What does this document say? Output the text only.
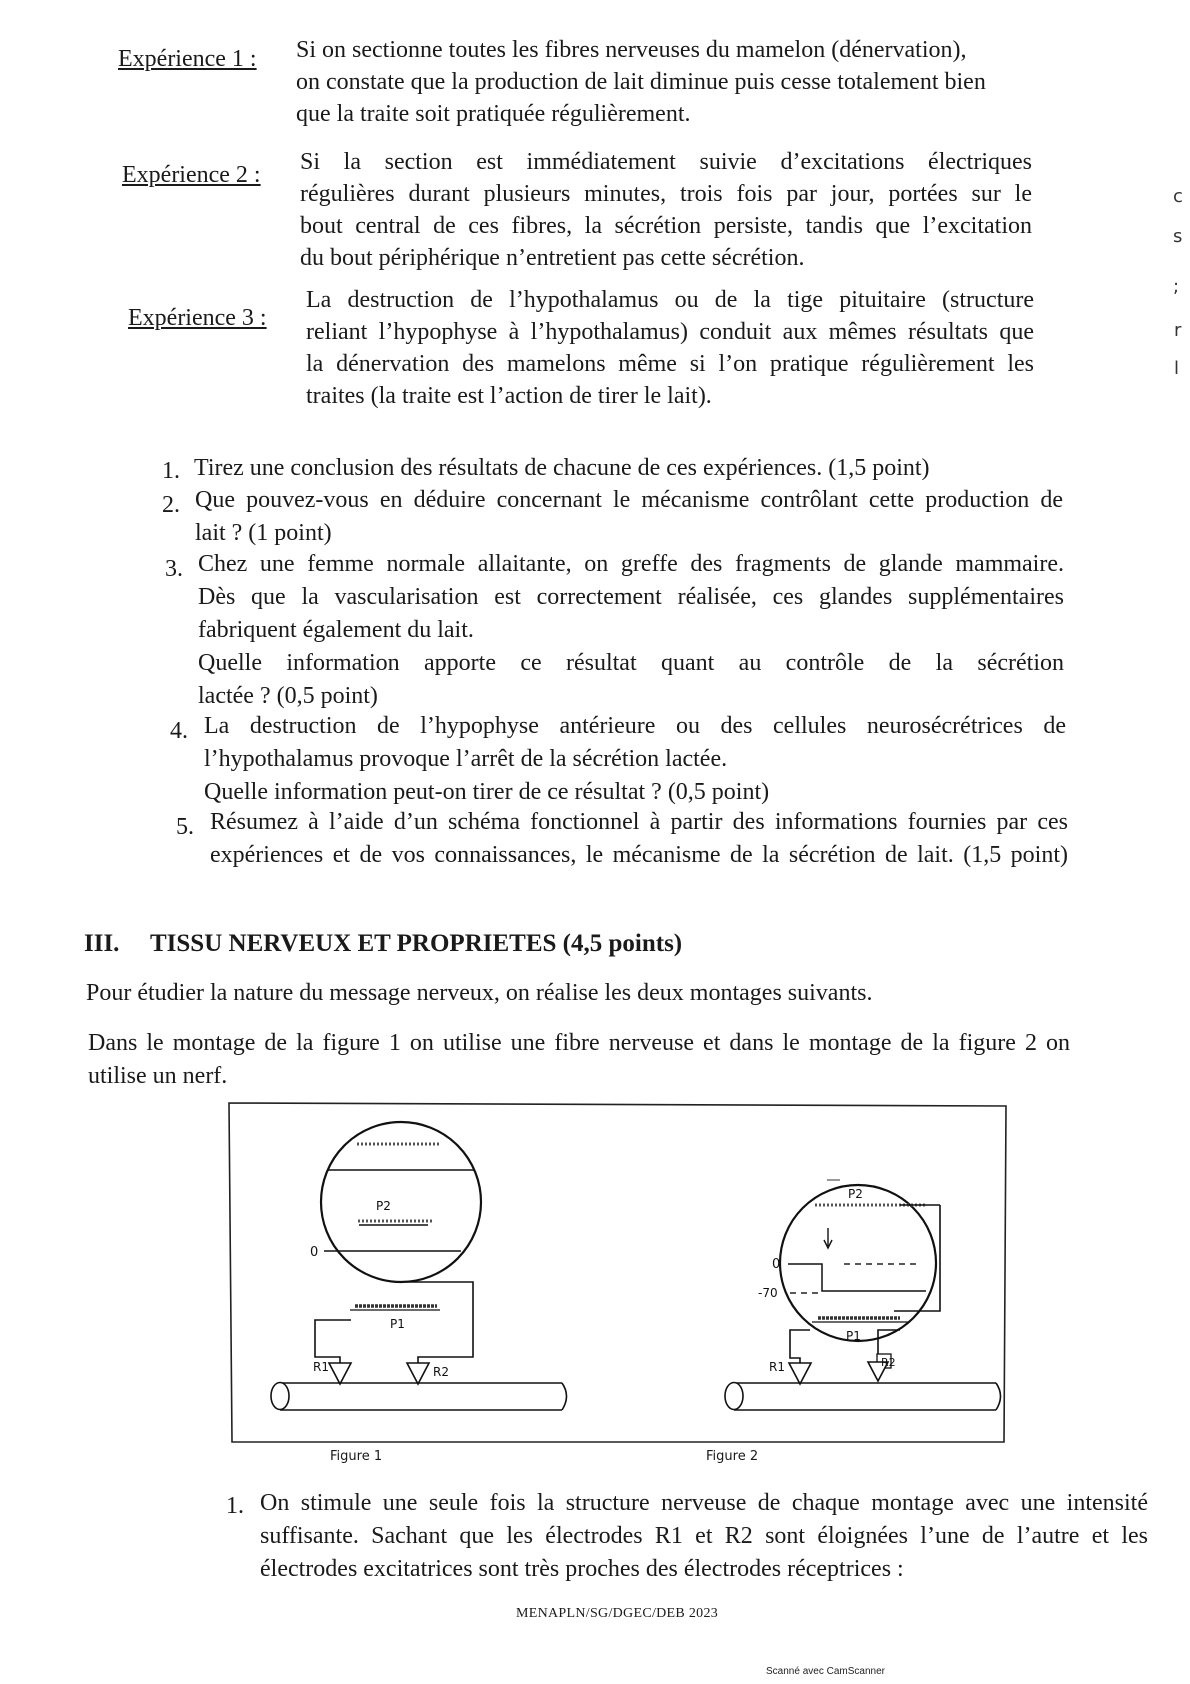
Expérience 1 : Si on sectionne toutes les fibres nerveuses du mamelon (dénervation),
on constate que la production de lait diminue puis cesse totalement bien
que la traite soit pratiquée régulièrement.
Expérience 2 : Si la section est immédiatement suivie d’excitations électriques
régulières durant plusieurs minutes, trois fois par jour, portées sur le
bout central de ces fibres, la sécrétion persiste, tandis que l’excitation
du bout périphérique n’entretient pas cette sécrétion.
Expérience 3 :
La destruction de l’hypothalamus ou de la tige pituitaire (structure
reliant l’hypophyse à l’hypothalamus) conduit aux mêmes résultats que
la dénervation des mamelons même si l’on pratique régulièrement les
traites (la traite est l’action de tirer le lait).
1. Tirez une conclusion des résultats de chacune de ces expériences. (1,5 point)

2. Que pouvez-vous en déduire concernant le mécanisme contrôlant cette production de

lait ? (1 point)

3. Chez une femme normale allaitante, on greffe des fragments de glande mammaire.

Dès que la vascularisation est correctement réalisée, ces glandes supplémentaires

fabriquent également du lait.

Quelle information apporte ce résultat quant au contrôle de la sécrétion

lactée ? (0,5 point)

4. La destruction de l’hypophyse antérieure ou des cellules neurosécrétrices de

l’hypothalamus provoque l’arrêt de la sécrétion lactée.

Quelle information peut-on tirer de ce résultat ? (0,5 point)

5. Résumez à l’aide d’un schéma fonctionnel à partir des informations fournies par ces

expériences et de vos connaissances, le mécanisme de la sécrétion de lait. (1,5 point)

III. TISSU NERVEUX ET PROPRIETES (4,5 points)
Pour étudier la nature du message nerveux, on réalise les deux montages suivants.
Dans le montage de la figure 1 on utilise une fibre nerveuse et dans le montage de la figure 2 on
utilise un nerf.
P2
P1
0
R1	R2
P2
0
-70
P1
R1	R2
Figure 1	Figure 2
1. On stimule une seule fois la structure nerveuse de chaque montage avec une intensité

suffisante. Sachant que les électrodes R1 et R2 sont éloignées l’une de l’autre et les

électrodes excitatrices sont très proches des électrodes réceptrices :

MENAPLN/SG/DGEC/DEB 2023
Scanné avec CamScanner
c
s
;
r
l
